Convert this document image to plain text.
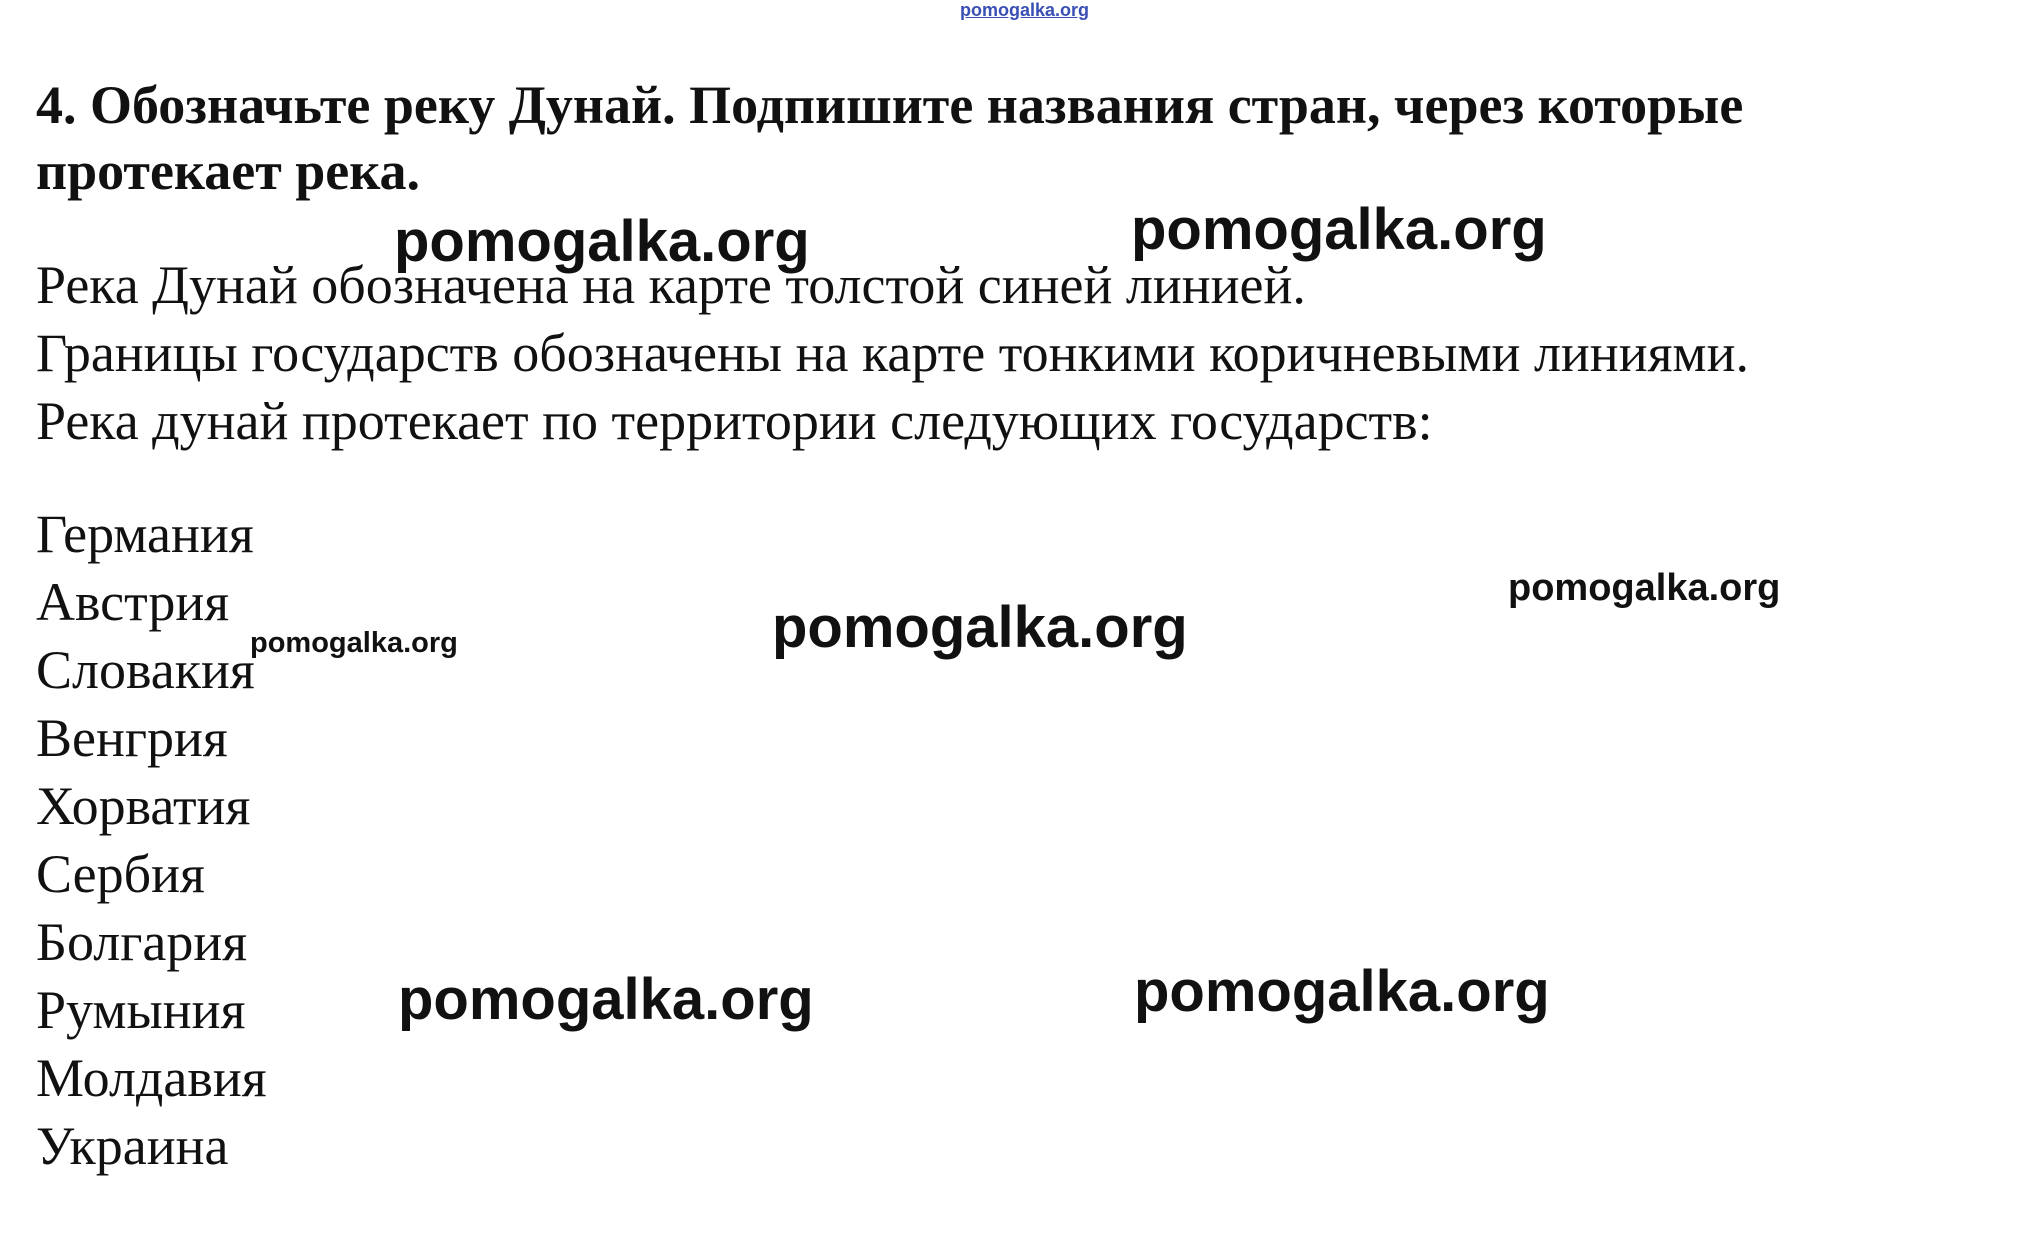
pomogalka.org
4. Обозначьте реку Дунай. Подпишите названия стран, через которые протекает река.

Река Дунай обозначена на карте толстой синей линией.

Границы государств обозначены на карте тонкими коричневыми линиями.

Река дунай протекает по территории следующих государств:

Германия
Австрия
Словакия
Венгрия
Хорватия
Сербия
Болгария
Румыния
Молдавия
Украина
pomogalka.org	pomogalka.org
pomogalka.org
pomogalka.org
pomogalka.org
pomogalka.org	pomogalka.org
